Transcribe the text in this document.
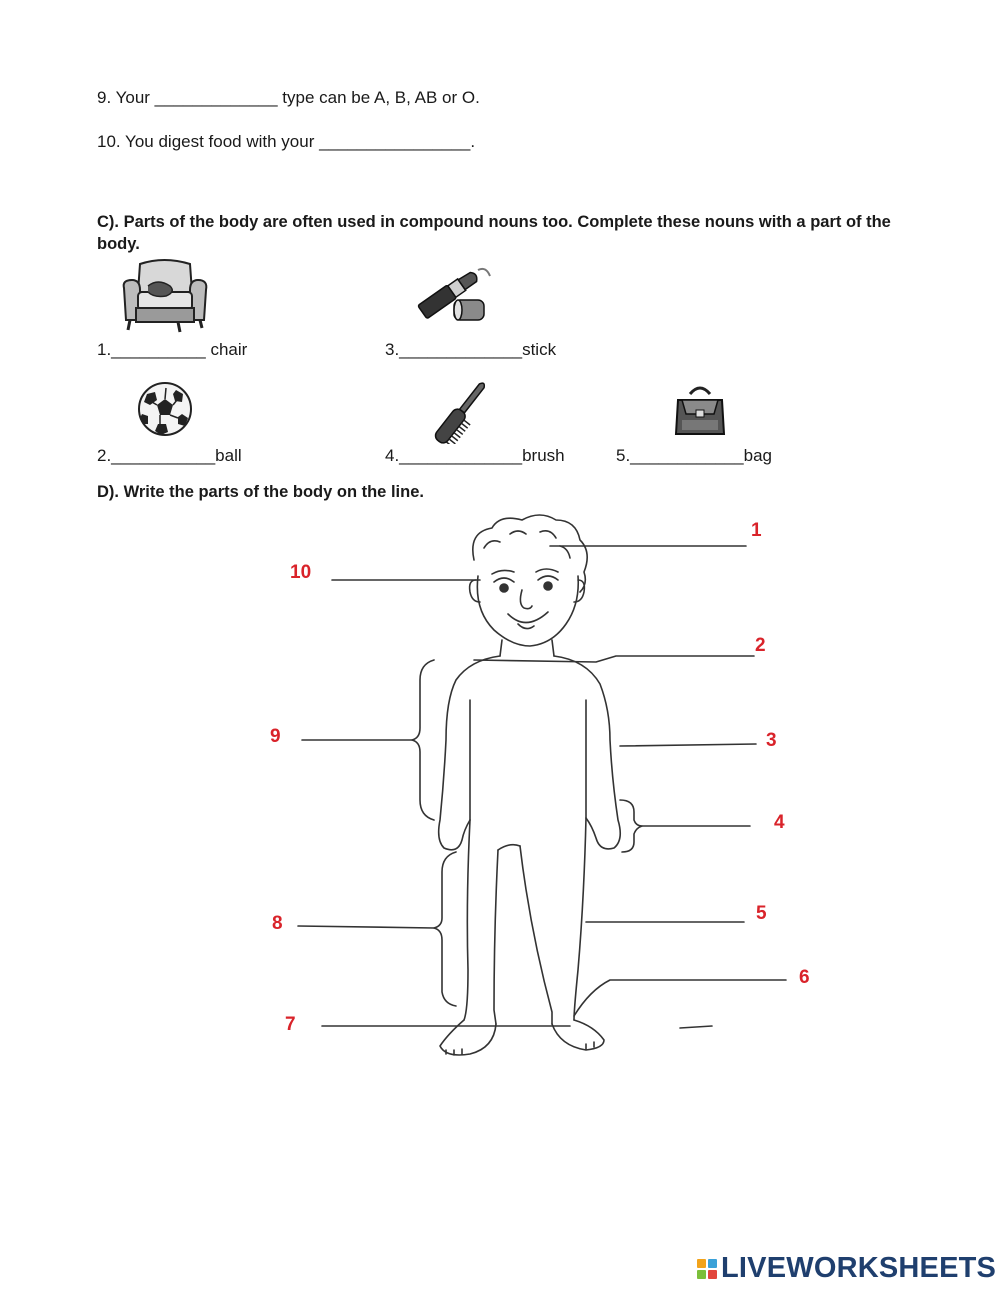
9. Your _____________ type can be A, B, AB or O.
10. You digest food with your ________________.
C). Parts of the body are often used in compound nouns too. Complete these nouns with a part of the body.
1.__________ chair	3._____________stick
2.___________ball	4._____________brush	5.____________bag
D). Write the parts of the body on the line.
1
2
3
4
5
6
7
8
9
10
LIVEWORKSHEETS
